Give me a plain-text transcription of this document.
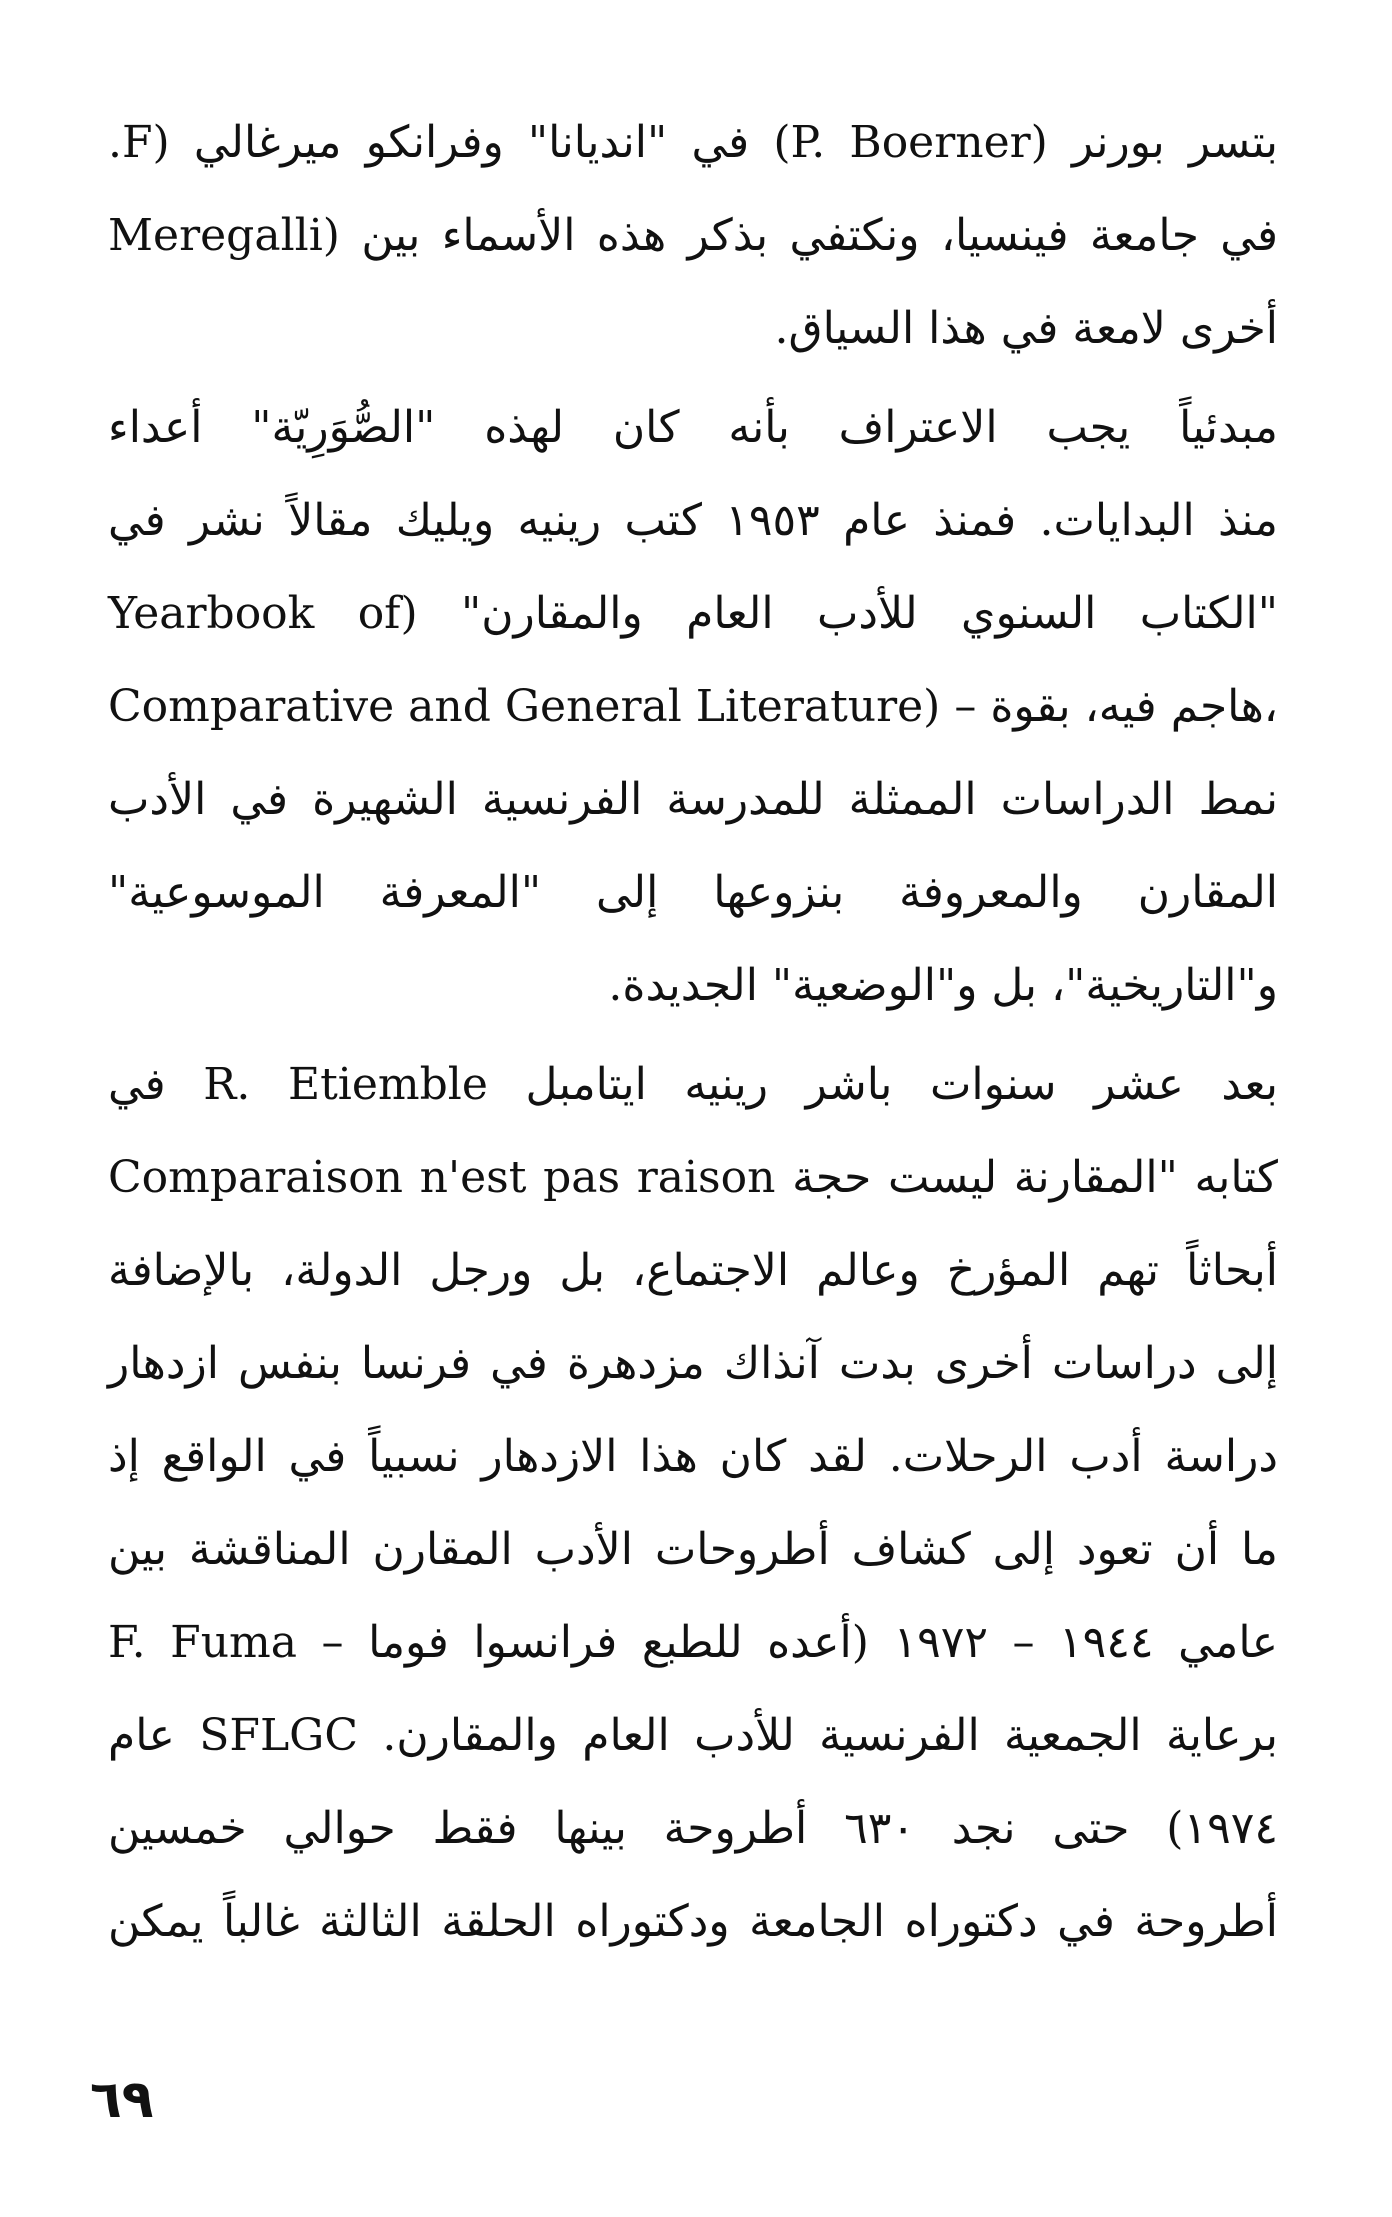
بتسر بورنر (P. Boerner) في "انديانا" وفرانكو ميرغالي (F.
Meregalli) في جامعة فينسيا، ونكتفي بذكر هذه الأسماء بين
أخرى لامعة في هذا السياق.
مبدئياً يجب الاعتراف بأنه كان لهذه "الصُّوَرِيّة" أعداء
منذ البدايات. فمنذ عام ١٩٥٣ كتب رينيه ويليك مقالاً نشر في
"الكتاب السنوي للأدب العام والمقارن" (Yearbook of
Comparative and General Literature) – هاجم فيه، بقوة،
نمط الدراسات الممثلة للمدرسة الفرنسية الشهيرة في الأدب
المقارن والمعروفة بنزوعها إلى "المعرفة الموسوعية"
و"التاريخية"، بل و"الوضعية" الجديدة.
بعد عشر سنوات باشر رينيه ايتامبل R. Etiemble في
كتابه "المقارنة ليست حجة Comparaison n'est pas raison
أبحاثاً تهم المؤرخ وعالم الاجتماع، بل ورجل الدولة، بالإضافة
إلى دراسات أخرى بدت آنذاك مزدهرة في فرنسا بنفس ازدهار
دراسة أدب الرحلات. لقد كان هذا الازدهار نسبياً في الواقع إذ
ما أن تعود إلى كشاف أطروحات الأدب المقارن المناقشة بين
عامي ١٩٤٤ – ١٩٧٢ (أعده للطبع فرانسوا فوما – F. Fuma
برعاية الجمعية الفرنسية للأدب العام والمقارن. SFLGC عام
١٩٧٤) حتى نجد ٦٣٠ أطروحة بينها فقط حوالي خمسين
أطروحة في دكتوراه الجامعة ودكتوراه الحلقة الثالثة غالباً يمكن
٦٩
